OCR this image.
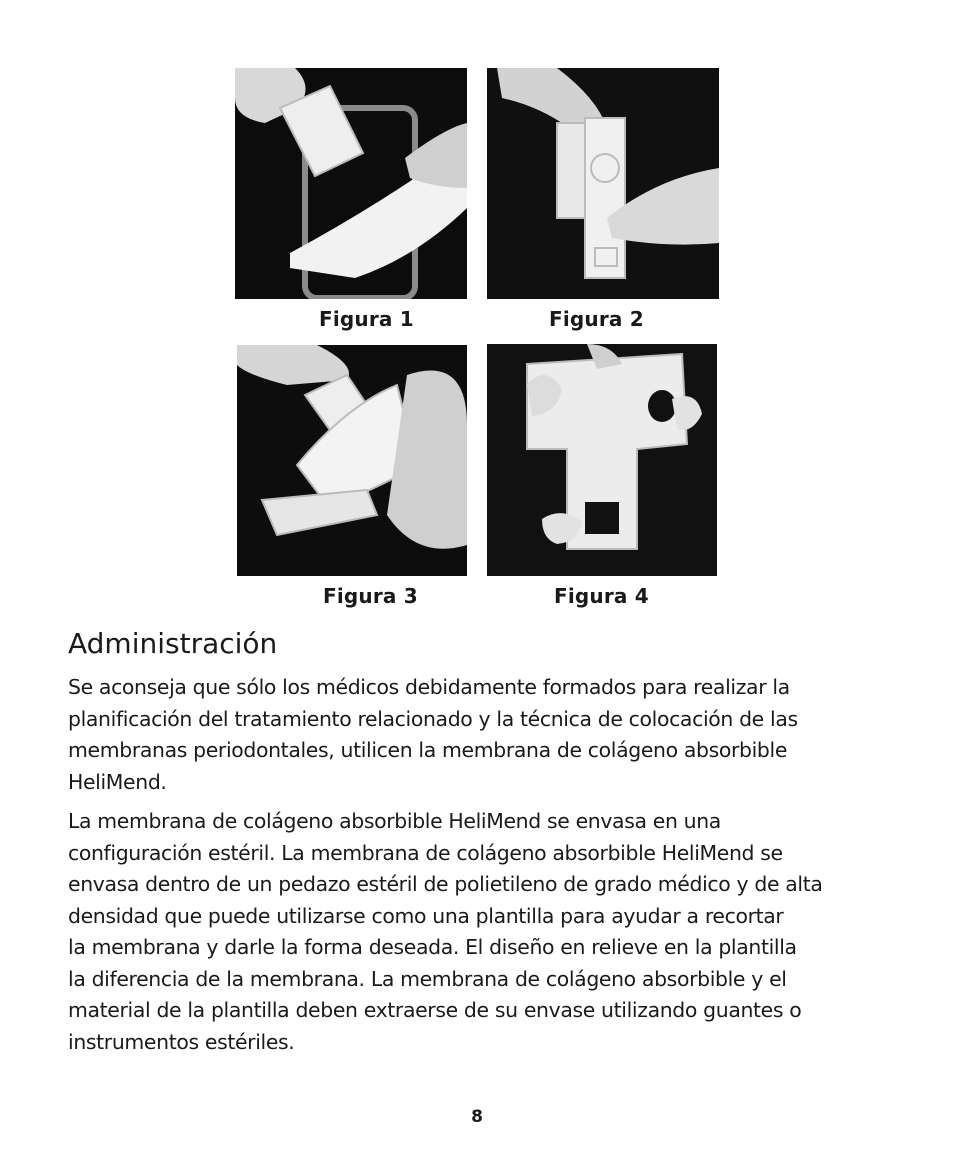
Figura 1	Figura 2
Figura 3	Figura 4
Administración
Se aconseja que sólo los médicos debidamente formados para realizar la
planificación del tratamiento relacionado y la técnica de colocación de las
membranas periodontales, utilicen la membrana de colágeno absorbible
HeliMend.
La membrana de colágeno absorbible HeliMend se envasa en una
configuración estéril. La membrana de colágeno absorbible HeliMend se
envasa dentro de un pedazo estéril de polietileno de grado médico y de alta
densidad que puede utilizarse como una plantilla para ayudar a recortar
la membrana y darle la forma deseada. El diseño en relieve en la plantilla
la diferencia de la membrana. La membrana de colágeno absorbible y el
material de la plantilla deben extraerse de su envase utilizando guantes o
instrumentos estériles.
8
